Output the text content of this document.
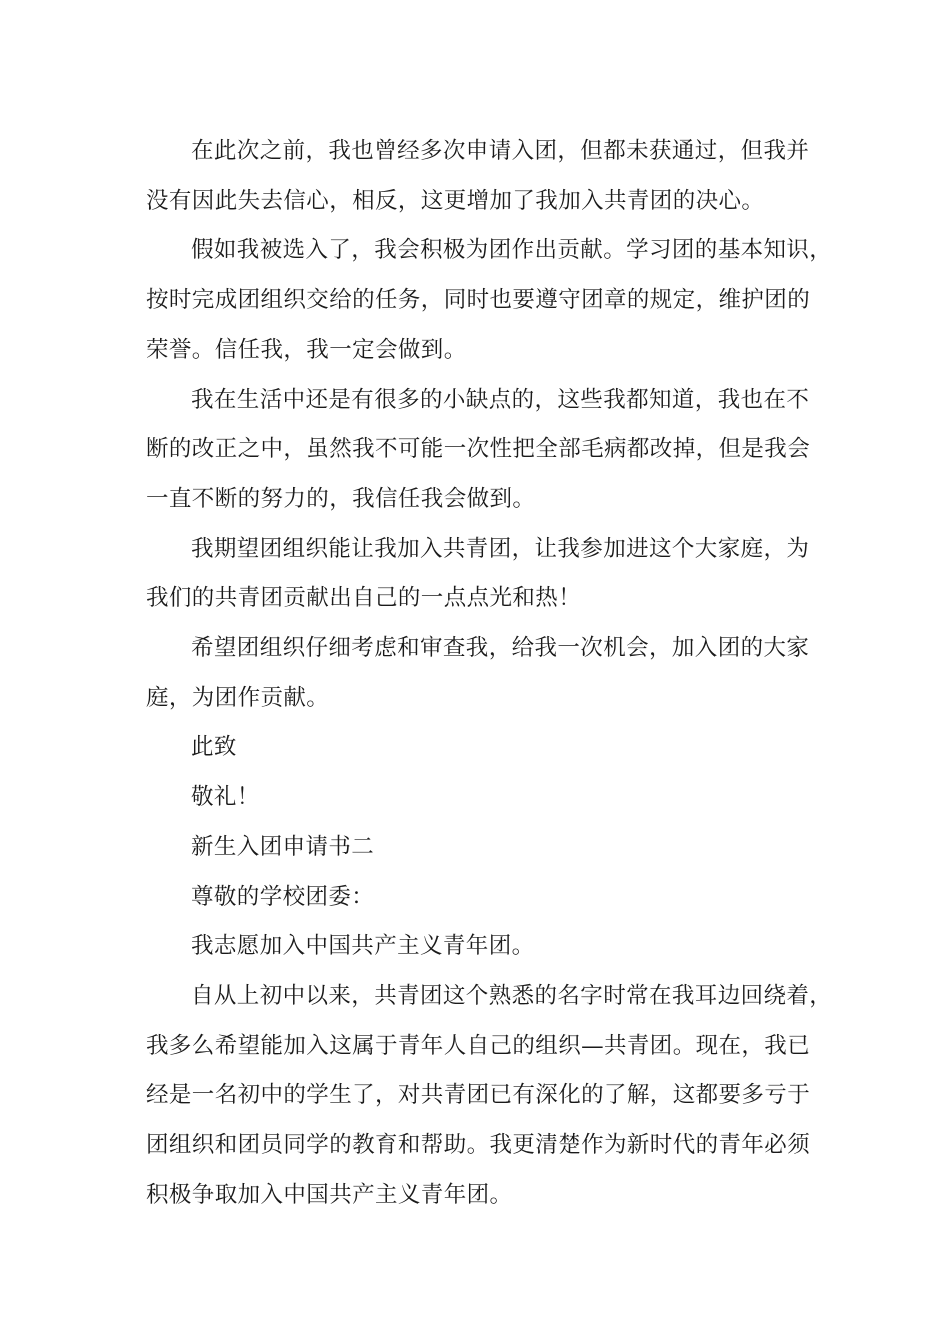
在此次之前，我也曾经多次申请入团，但都未获通过，但我并
没有因此失去信心，相反，这更增加了我加入共青团的决心。

假如我被选入了，我会积极为团作出贡献。学习团的基本知识，
按时完成团组织交给的任务，同时也要遵守团章的规定，维护团的
荣誉。信任我，我一定会做到。

我在生活中还是有很多的小缺点的，这些我都知道，我也在不
断的改正之中，虽然我不可能一次性把全部毛病都改掉，但是我会
一直不断的努力的，我信任我会做到。

我期望团组织能让我加入共青团，让我参加进这个大家庭，为
我们的共青团贡献出自己的一点点光和热！

希望团组织仔细考虑和审查我，给我一次机会，加入团的大家
庭，为团作贡献。

此致

敬礼！

新生入团申请书二

尊敬的学校团委：

我志愿加入中国共产主义青年团。

自从上初中以来，共青团这个熟悉的名字时常在我耳边回绕着，
我多么希望能加入这属于青年人自己的组织—共青团。现在，我已
经是一名初中的学生了，对共青团已有深化的了解，这都要多亏于
团组织和团员同学的教育和帮助。我更清楚作为新时代的青年必须
积极争取加入中国共产主义青年团。
